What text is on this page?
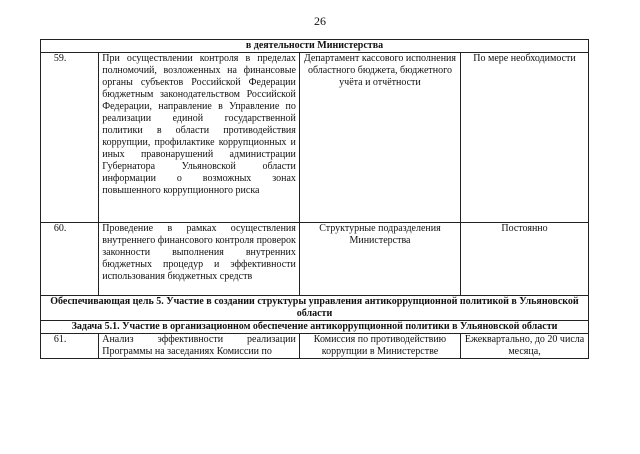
26
в деятельности Министерства			
59.	При осуществлении контроля в пределах полномочий, возложенных на финансовые органы субъектов Российской Федерации бюджетным законодательством Российской Федерации, направление в Управление по реализации единой государственной политики в области противодействия коррупции, профилактике коррупционных и иных правонарушений администрации Губернатора Ульяновской области информации о возможных зонах повышенного коррупционного риска	Департамент кассового исполнения областного бюджета, бюджетного учёта и отчётности	По мере необходимости
60.	Проведение в рамках осуществления внутреннего финансового контроля проверок законности выполнения внутренних бюджетных процедур и эффективности использования бюджетных средств	Структурные подразделения Министерства	Постоянно
Обеспечивающая цель 5. Участие в создании структуры управления антикоррупционной политикой в Ульяновской области			
Задача 5.1. Участие в организационном обеспечение антикоррупционной политики в Ульяновской области			
61.	Анализ эффективности реализации Программы на заседаниях Комиссии по	Комиссия по противодействию коррупции в Министерстве	Ежеквартально, до 20 числа месяца,
